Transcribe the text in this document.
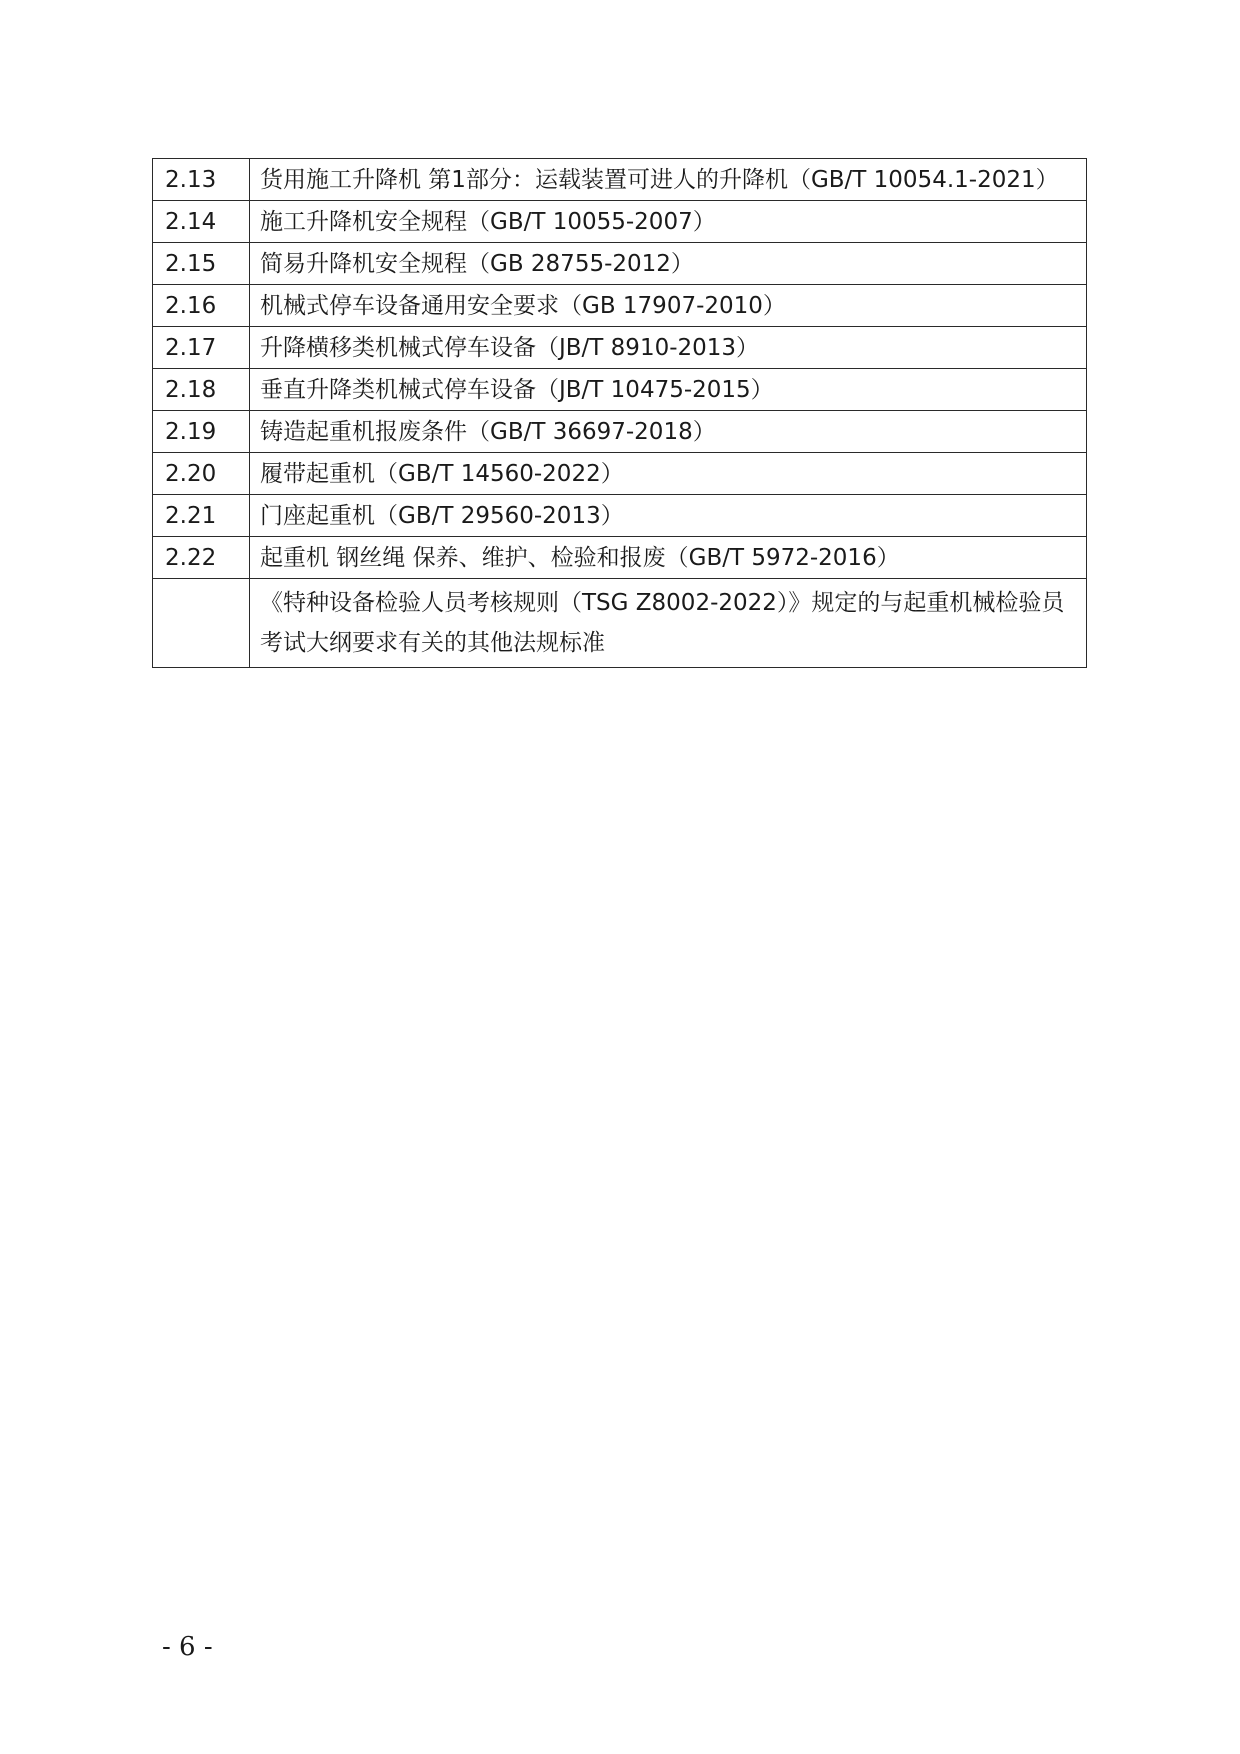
2.13	货用施工升降机 第1部分：运载装置可进人的升降机（GB/T 10054.1-2021）
2.14	施工升降机安全规程（GB/T 10055-2007）
2.15	简易升降机安全规程（GB 28755-2012）
2.16	机械式停车设备通用安全要求（GB 17907-2010）
2.17	升降横移类机械式停车设备（JB/T 8910-2013）
2.18	垂直升降类机械式停车设备（JB/T 10475-2015）
2.19	铸造起重机报废条件（GB/T 36697-2018）
2.20	履带起重机（GB/T 14560-2022）
2.21	门座起重机（GB/T 29560-2013）
2.22	起重机 钢丝绳 保养、维护、检验和报废（GB/T 5972-2016）
	《特种设备检验人员考核规则（TSG Z8002-2022）》规定的与起重机械检验员考试大纲要求有关的其他法规标准
- 6 -
